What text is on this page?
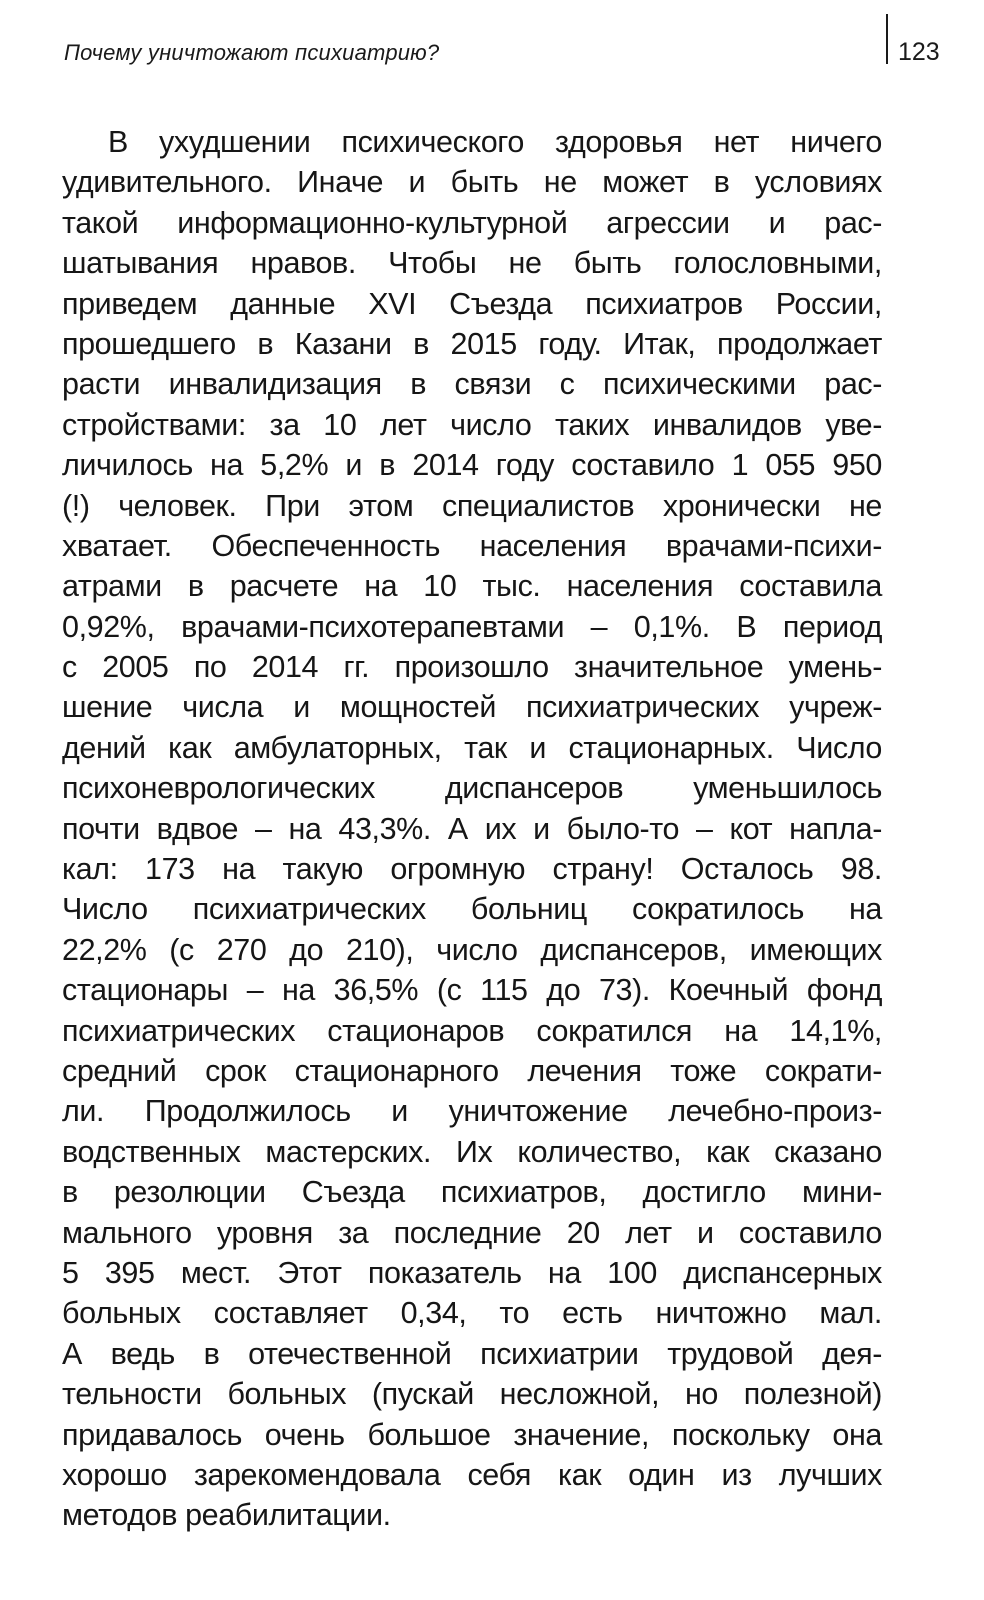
Почему уничтожают психиатрию?	123
В ухудшении психического здоровья нет ничего
удивительного. Иначе и быть не может в условиях
такой информационно-культурной агрессии и рас-
шатывания нравов. Чтобы не быть голословными,
приведем данные XVI Съезда психиатров России,
прошедшего в Казани в 2015 году. Итак, продолжает
расти инвалидизация в связи с психическими рас-
стройствами: за 10 лет число таких инвалидов уве-
личилось на 5,2% и в 2014 году составило 1 055 950
(!) человек. При этом специалистов хронически не
хватает. Обеспеченность населения врачами-психи-
атрами в расчете на 10 тыс. населения составила
0,92%, врачами-психотерапевтами – 0,1%. В период
с 2005 по 2014 гг. произошло значительное умень-
шение числа и мощностей психиатрических учреж-
дений как амбулаторных, так и стационарных. Число
психоневрологических диспансеров уменьшилось
почти вдвое – на 43,3%. А их и было-то – кот напла-
кал: 173 на такую огромную страну! Осталось 98.
Число психиатрических больниц сократилось на
22,2% (с 270 до 210), число диспансеров, имеющих
стационары – на 36,5% (с 115 до 73). Коечный фонд
психиатрических стационаров сократился на 14,1%,
средний срок стационарного лечения тоже сократи-
ли. Продолжилось и уничтожение лечебно-произ-
водственных мастерских. Их количество, как сказано
в резолюции Съезда психиатров, достигло мини-
мального уровня за последние 20 лет и составило
5 395 мест. Этот показатель на 100 диспансерных
больных составляет 0,34, то есть ничтожно мал.
А ведь в отечественной психиатрии трудовой дея-
тельности больных (пускай несложной, но полезной)
придавалось очень большое значение, поскольку она
хорошо зарекомендовала себя как один из лучших
методов реабилитации.
